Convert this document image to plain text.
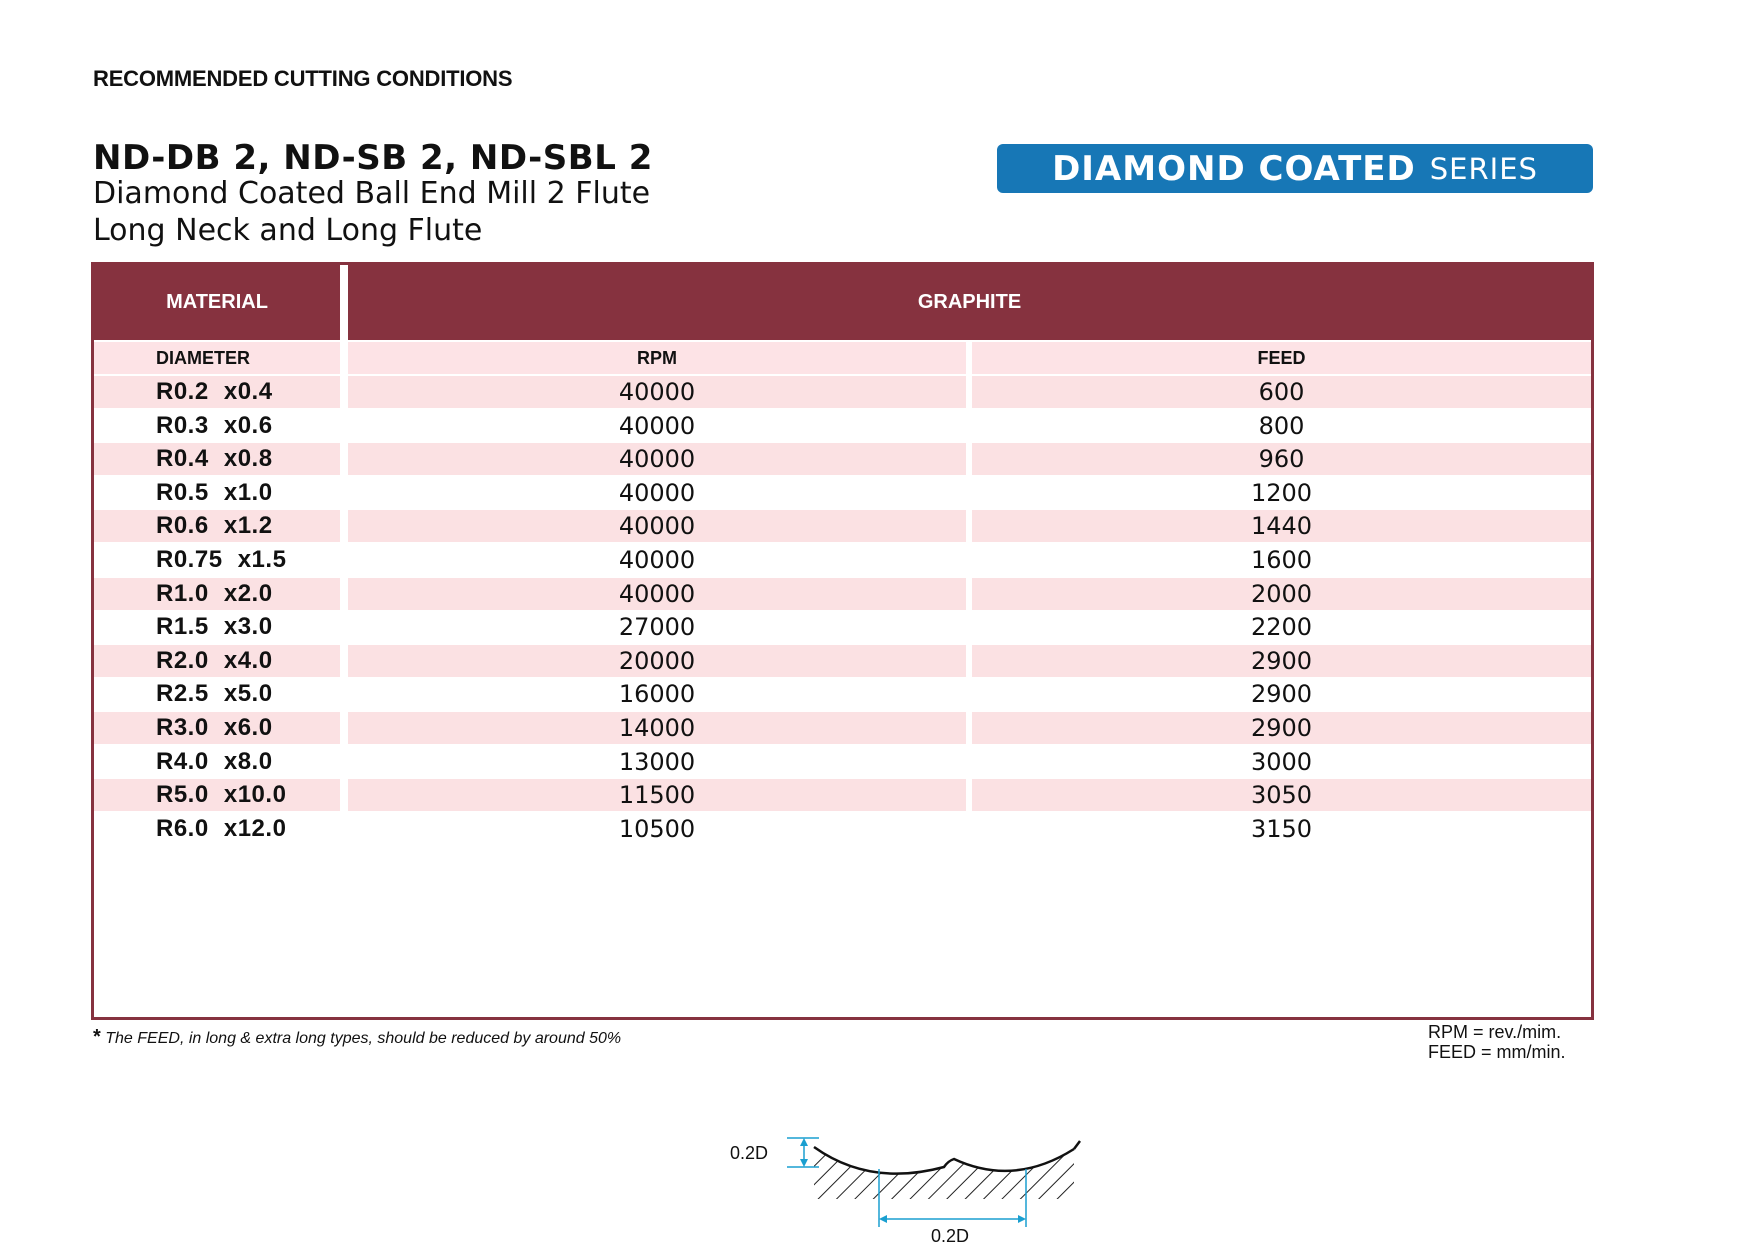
RECOMMENDED CUTTING CONDITIONS
ND-DB 2, ND-SB 2, ND-SBL 2
Diamond Coated Ball End Mill 2 Flute
Long Neck and Long Flute
DIAMOND COATED SERIES
MATERIAL	GRAPHITE
DIAMETER	RPM	FEED
R0.2 x0.4	40000	600
R0.3 x0.6	40000	800
R0.4 x0.8	40000	960
R0.5 x1.0	40000	1200
R0.6 x1.2	40000	1440
R0.75 x1.5	40000	1600
R1.0 x2.0	40000	2000
R1.5 x3.0	27000	2200
R2.0 x4.0	20000	2900
R2.5 x5.0	16000	2900
R3.0 x6.0	14000	2900
R4.0 x8.0	13000	3000
R5.0 x10.0	11500	3050
R6.0 x12.0	10500	3150
0.2D
0.2D
* The FEED, in long & extra long types, should be reduced by around 50%	RPM = rev./mim.
FEED = mm/min.
